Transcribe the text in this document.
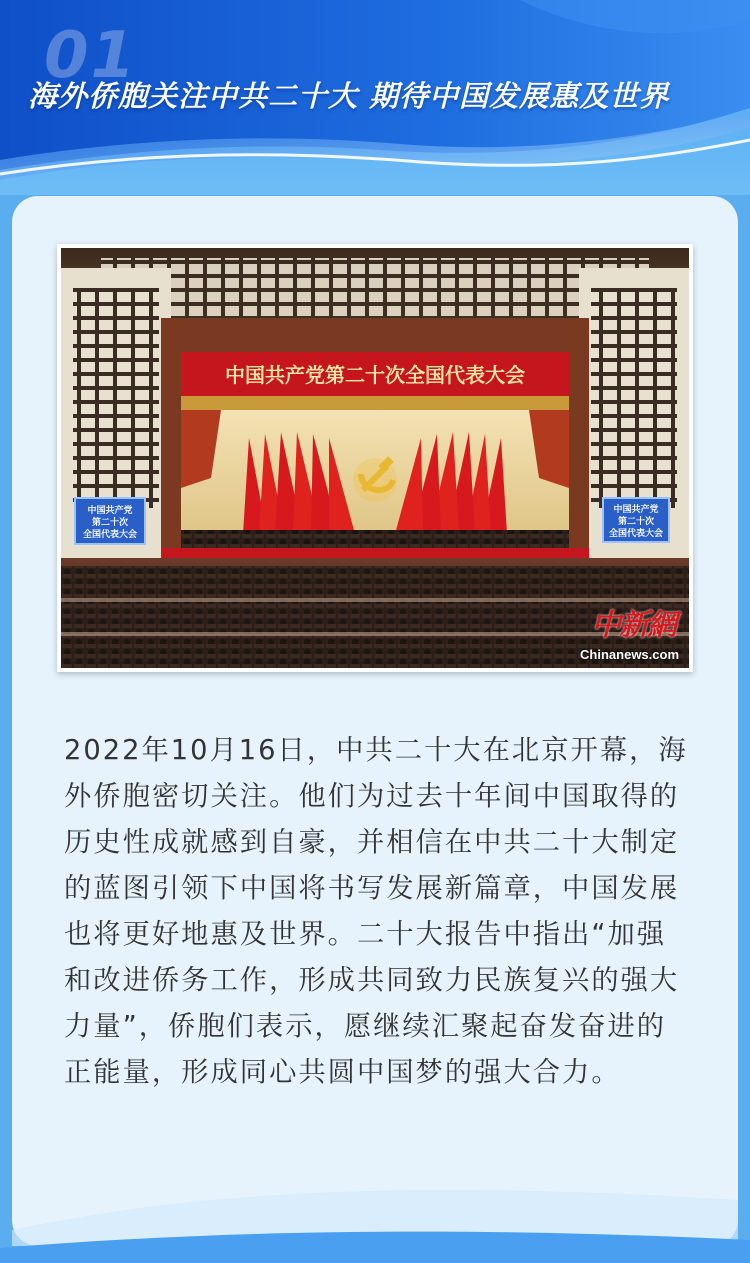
01
海外侨胞关注中共二十大 期待中国发展惠及世界
中国共产党第二十次全国代表大会
中国共产党
第二十次
全国代表大会
中国共产党
第二十次
全国代表大会
中新網
Chinanews.com

2022年10月16日，中共二十大在北京开幕，海外侨胞密切关注。他们为过去十年间中国取得的历史性成就感到自豪，并相信在中共二十大制定的蓝图引领下中国将书写发展新篇章，中国发展也将更好地惠及世界。二十大报告中指出“加强和改进侨务工作，形成共同致力民族复兴的强大力量”，侨胞们表示，愿继续汇聚起奋发奋进的正能量，形成同心共圆中国梦的强大合力。
